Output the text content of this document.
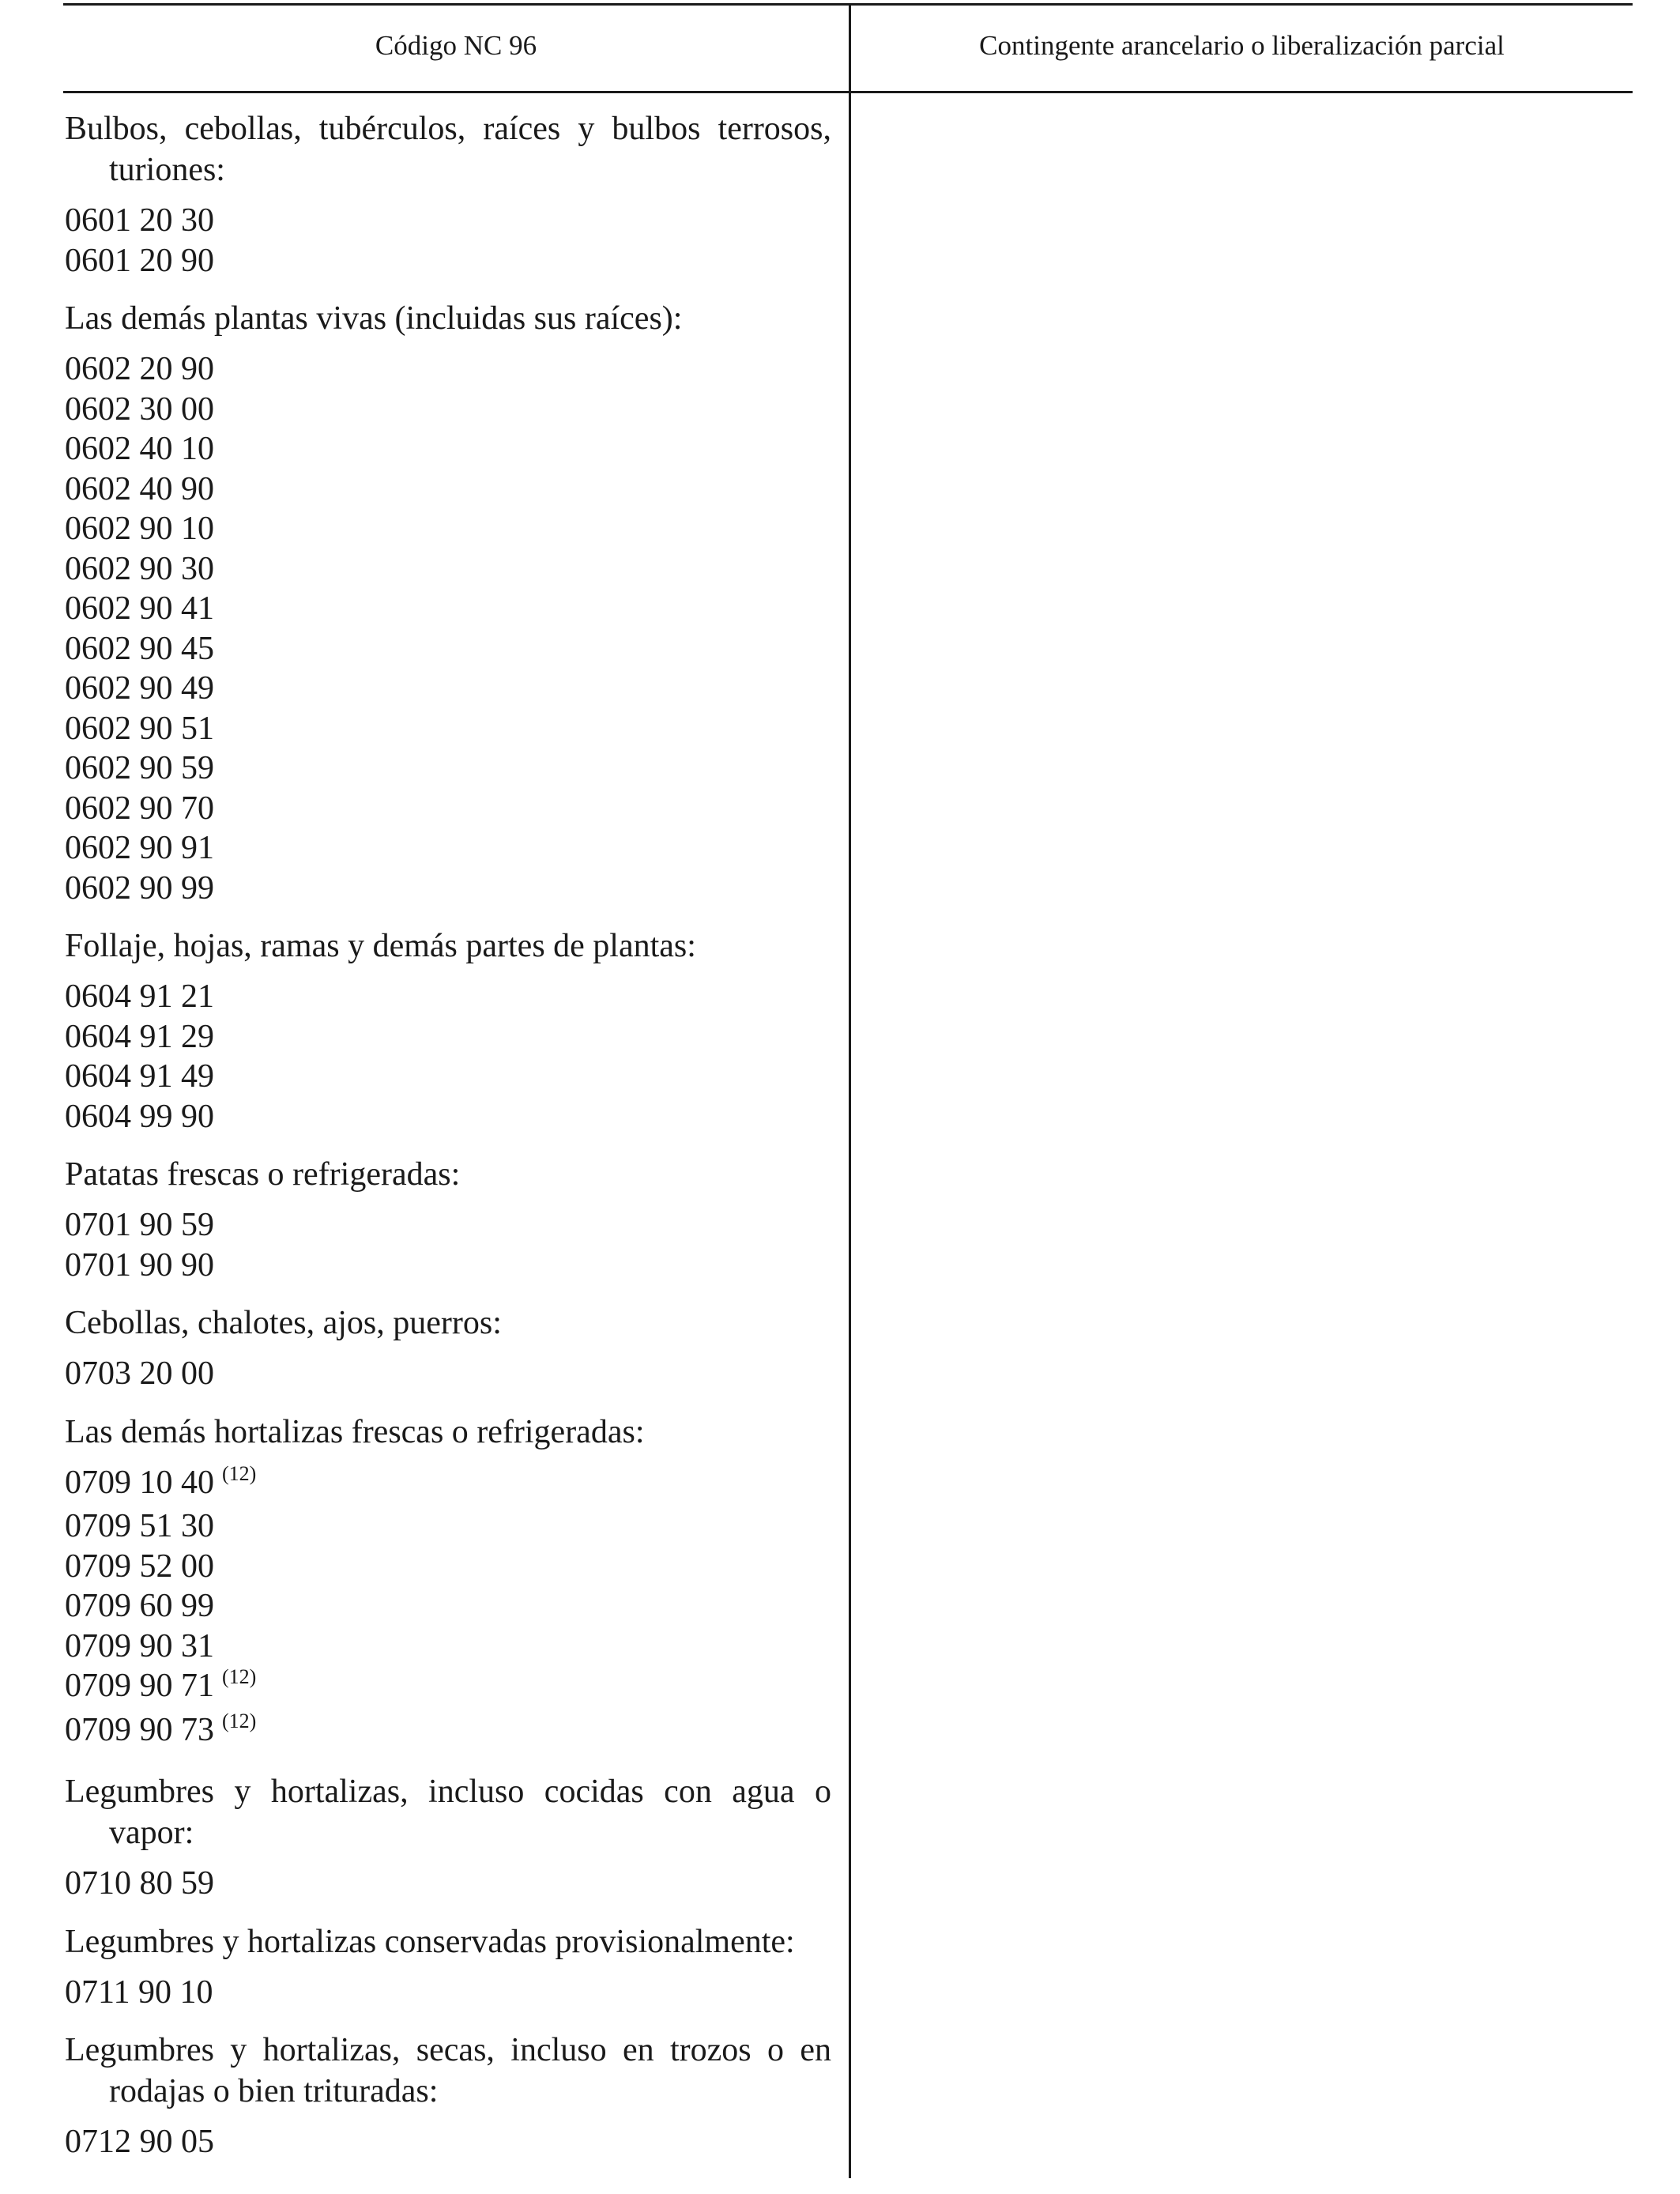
Código NC 96	Contingente arancelario o liberalización parcial

Bulbos, cebollas, tubérculos, raíces y bulbos terrosos, turiones:

0601 20 30
0601 20 90

Las demás plantas vivas (incluidas sus raíces):

0602 20 90
0602 30 00
0602 40 10
0602 40 90
0602 90 10
0602 90 30
0602 90 41
0602 90 45
0602 90 49
0602 90 51
0602 90 59
0602 90 70
0602 90 91
0602 90 99

Follaje, hojas, ramas y demás partes de plantas:

0604 91 21
0604 91 29
0604 91 49
0604 99 90

Patatas frescas o refrigeradas:

0701 90 59
0701 90 90

Cebollas, chalotes, ajos, puerros:

0703 20 00

Las demás hortalizas frescas o refrigeradas:

0709 10 40 $^{(12)}$
0709 51 30
0709 52 00
0709 60 99
0709 90 31
0709 90 71 $^{(12)}$
0709 90 73 $^{(12)}$

Legumbres y hortalizas, incluso cocidas con agua o vapor:

0710 80 59

Legumbres y hortalizas conservadas provisionalmente:

0711 90 10

Legumbres y hortalizas, secas, incluso en trozos o en rodajas o bien trituradas:

0712 90 05
